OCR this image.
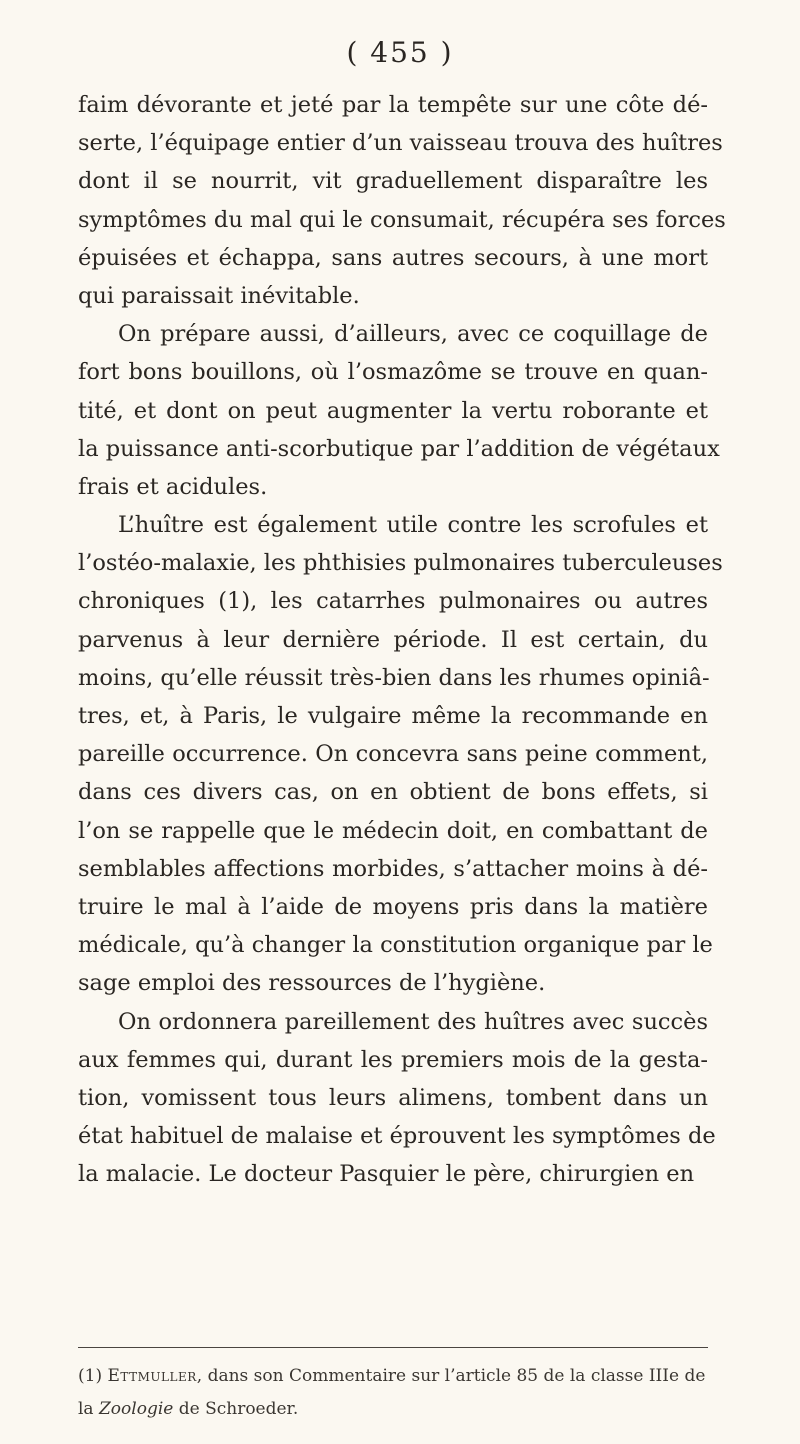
( 455 )
faim dévorante et jeté par la tempête sur une côte dé-
serte, l’équipage entier d’un vaisseau trouva des huîtres
dont il se nourrit, vit graduellement disparaître les
symptômes du mal qui le consumait, récupéra ses forces
épuisées et échappa, sans autres secours, à une mort
qui paraissait inévitable.
On prépare aussi, d’ailleurs, avec ce coquillage de
fort bons bouillons, où l’osmazôme se trouve en quan-
tité, et dont on peut augmenter la vertu roborante et
la puissance anti-scorbutique par l’addition de végétaux
frais et acidules.
L’huître est également utile contre les scrofules et
l’ostéo-malaxie, les phthisies pulmonaires tuberculeuses
chroniques (1), les catarrhes pulmonaires ou autres
parvenus à leur dernière période. Il est certain, du
moins, qu’elle réussit très-bien dans les rhumes opiniâ-
tres, et, à Paris, le vulgaire même la recommande en
pareille occurrence. On concevra sans peine comment,
dans ces divers cas, on en obtient de bons effets, si
l’on se rappelle que le médecin doit, en combattant de
semblables affections morbides, s’attacher moins à dé-
truire le mal à l’aide de moyens pris dans la matière
médicale, qu’à changer la constitution organique par le
sage emploi des ressources de l’hygiène.
On ordonnera pareillement des huîtres avec succès
aux femmes qui, durant les premiers mois de la gesta-
tion, vomissent tous leurs alimens, tombent dans un
état habituel de malaise et éprouvent les symptômes de
la malacie. Le docteur Pasquier le père, chirurgien en
(1) Ettmuller, dans son Commentaire sur l’article 85 de la classe IIIe de la Zoologie de Schroeder.
